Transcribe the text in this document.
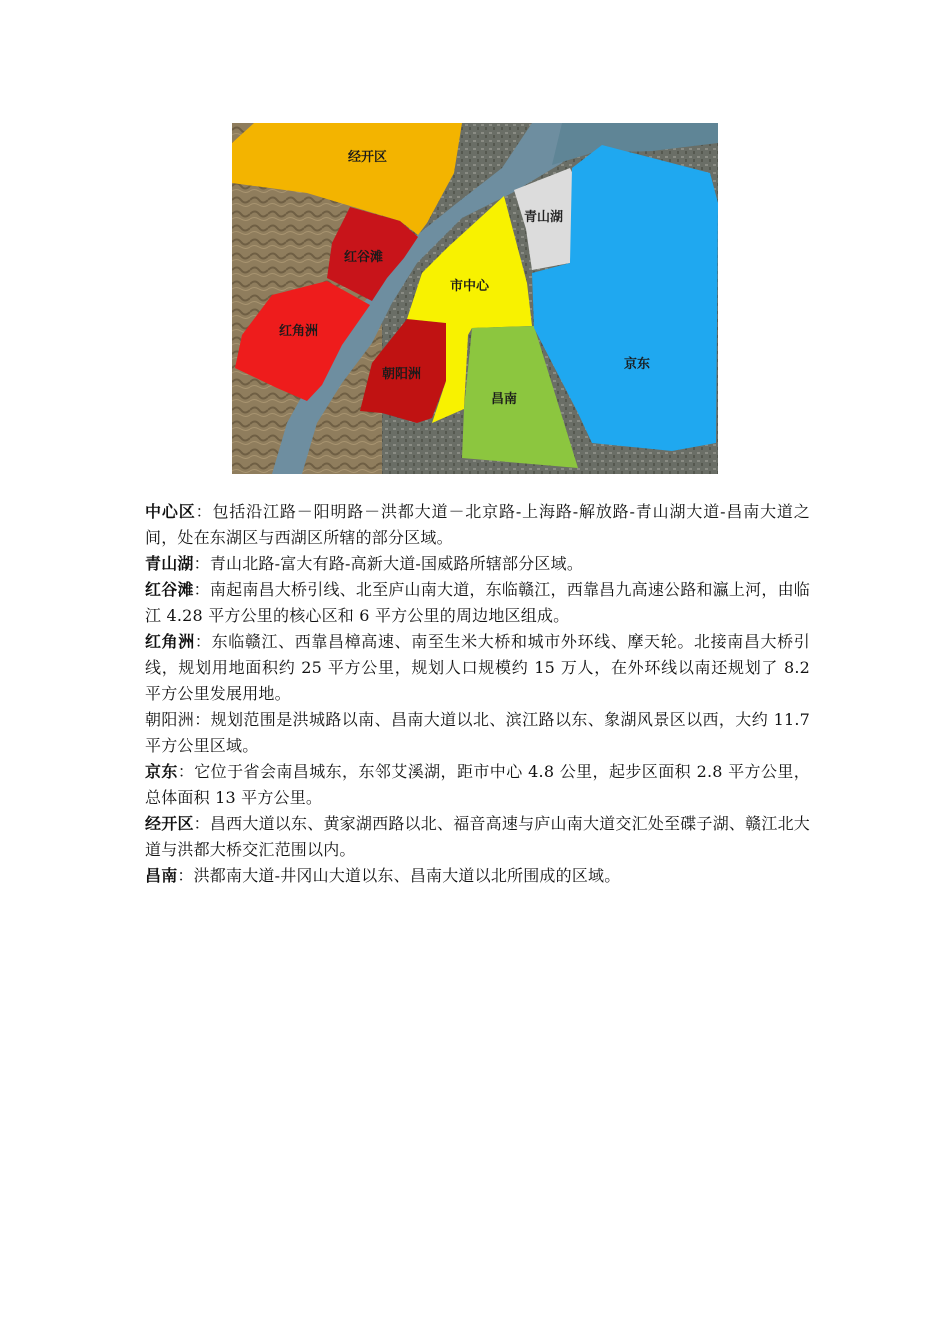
经开区
红谷滩
红角洲
朝阳洲
市中心
青山湖
昌南
京东

中心区：包括沿江路－阳明路－洪都大道－北京路-上海路-解放路-青山湖大道-昌南大道之间，处在东湖区与西湖区所辖的部分区域。

青山湖：青山北路-富大有路-高新大道-国威路所辖部分区域。

红谷滩：南起南昌大桥引线、北至庐山南大道，东临赣江，西靠昌九高速公路和瀛上河，由临江 4.28 平方公里的核心区和 6 平方公里的周边地区组成。

红角洲：东临赣江、西靠昌樟高速、南至生米大桥和城市外环线、摩天轮。北接南昌大桥引线，规划用地面积约 25 平方公里，规划人口规模约 15 万人，在外环线以南还规划了 8.2 平方公里发展用地。

朝阳洲：规划范围是洪城路以南、昌南大道以北、滨江路以东、象湖风景区以西，大约 11.7 平方公里区域。

京东：它位于省会南昌城东，东邻艾溪湖，距市中心 4.8 公里，起步区面积 2.8 平方公里，总体面积 13 平方公里。

经开区：昌西大道以东、黄家湖西路以北、福音高速与庐山南大道交汇处至碟子湖、赣江北大道与洪都大桥交汇范围以内。

昌南：洪都南大道-井冈山大道以东、昌南大道以北所围成的区域。
